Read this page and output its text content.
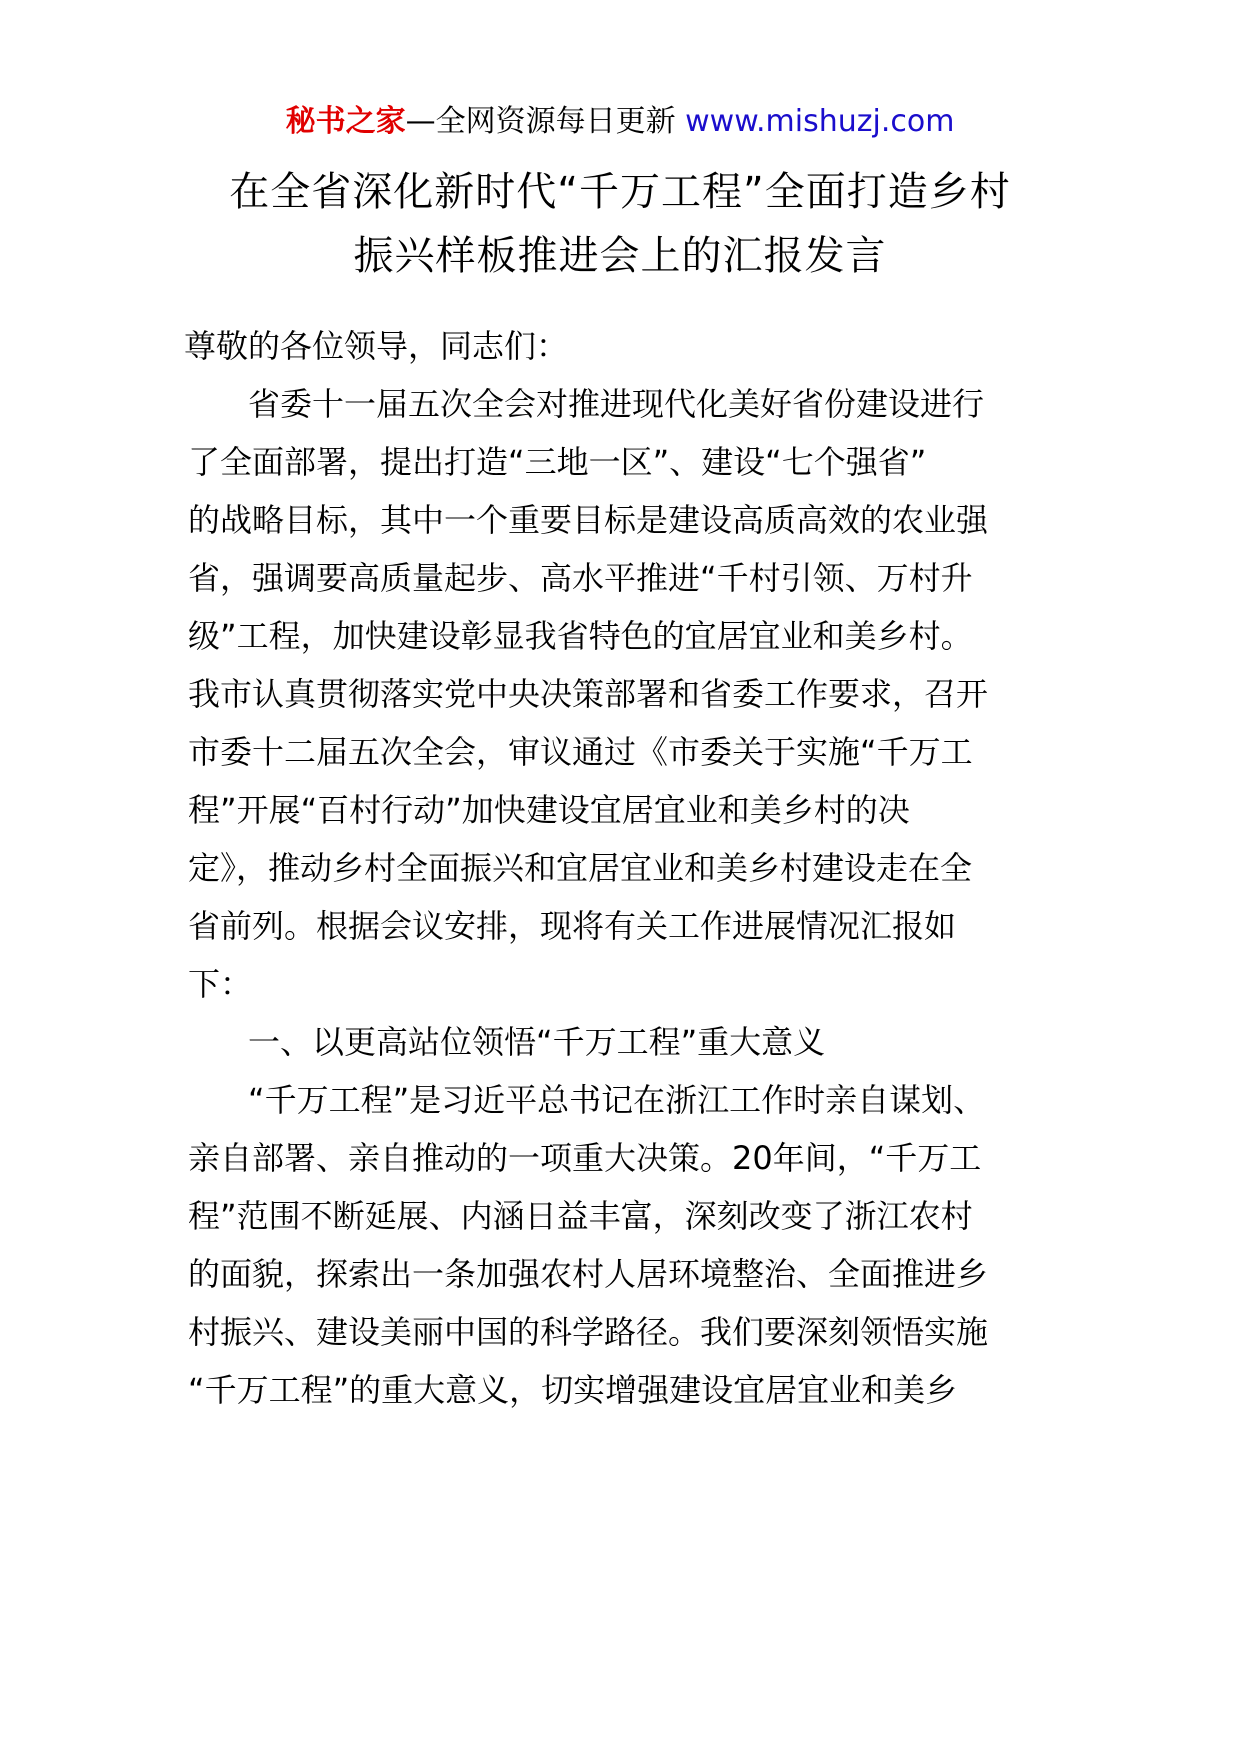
秘书之家—全网资源每日更新 www.mishuzj.com
在全省深化新时代“千万工程”全面打造乡村
振兴样板推进会上的汇报发言
尊敬的各位领导，同志们：
省委十一届五次全会对推进现代化美好省份建设进行
了全面部署，提出打造“三地一区”、建设“七个强省”
的战略目标，其中一个重要目标是建设高质高效的农业强
省，强调要高质量起步、高水平推进“千村引领、万村升
级”工程，加快建设彰显我省特色的宜居宜业和美乡村。
我市认真贯彻落实党中央决策部署和省委工作要求，召开
市委十二届五次全会，审议通过《市委关于实施“千万工
程”开展“百村行动”加快建设宜居宜业和美乡村的决
定》，推动乡村全面振兴和宜居宜业和美乡村建设走在全
省前列。根据会议安排，现将有关工作进展情况汇报如
下：
一、以更高站位领悟“千万工程”重大意义
“千万工程”是习近平总书记在浙江工作时亲自谋划、
亲自部署、亲自推动的一项重大决策。20年间，“千万工
程”范围不断延展、内涵日益丰富，深刻改变了浙江农村
的面貌，探索出一条加强农村人居环境整治、全面推进乡
村振兴、建设美丽中国的科学路径。我们要深刻领悟实施
“千万工程”的重大意义，切实增强建设宜居宜业和美乡
